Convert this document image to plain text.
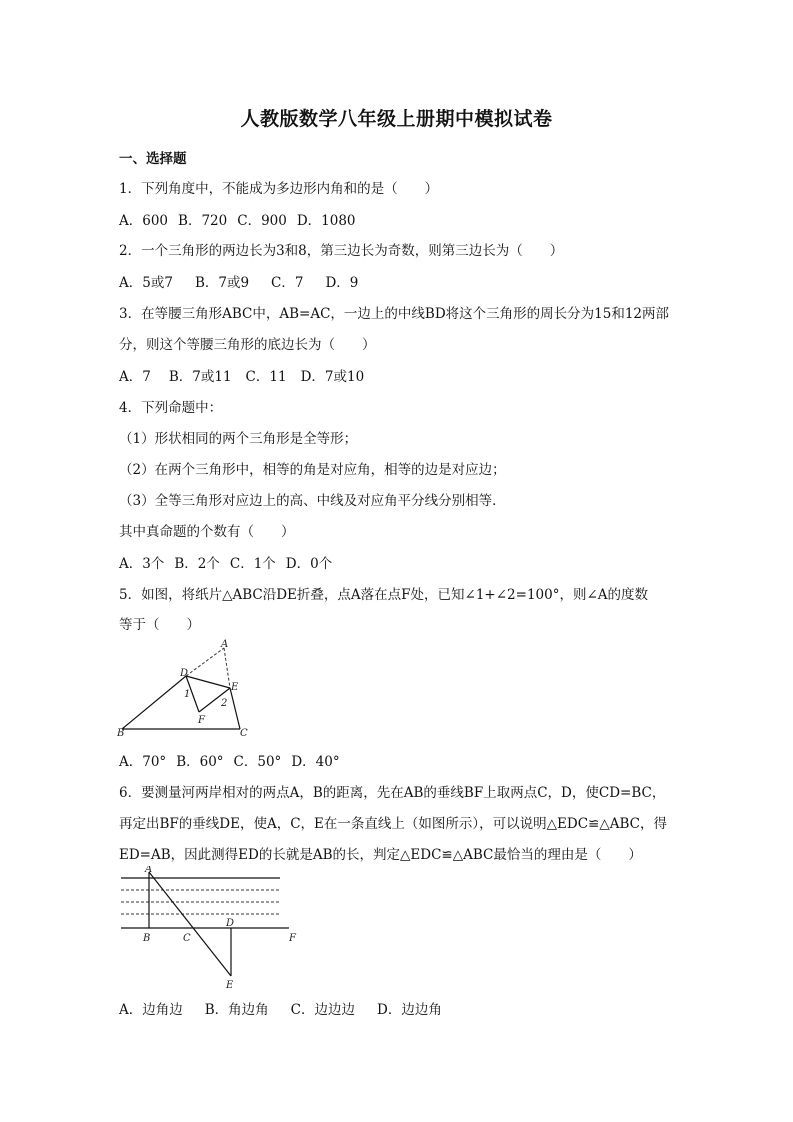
人教版数学八年级上册期中模拟试卷
一、选择题
1．下列角度中，不能成为多边形内角和的是（　　）
A．600 B．720 C．900 D．1080
2．一个三角形的两边长为3和8，第三边长为奇数，则第三边长为（　　）
A．5或7 B．7或9 C．7 D．9
3．在等腰三角形ABC中，AB=AC，一边上的中线BD将这个三角形的周长分为15和12两部
分，则这个等腰三角形的底边长为（　　）
A．7 B．7或11 C．11 D．7或10
4．下列命题中：
（1）形状相同的两个三角形是全等形；
（2）在两个三角形中，相等的角是对应角，相等的边是对应边；
（3）全等三角形对应边上的高、中线及对应角平分线分别相等．
其中真命题的个数有（　　）
A．3个 B．2个 C．1个 D．0个
5．如图，将纸片△ABC沿DE折叠，点A落在点F处，已知∠1+∠2=100°，则∠A的度数
等于（　　）
A
D
E
1
2
F
B	C
A．70° B．60° C．50° D．40°
6．要测量河两岸相对的两点A，B的距离，先在AB的垂线BF上取两点C，D，使CD=BC，
再定出BF的垂线DE，使A，C，E在一条直线上（如图所示），可以说明△EDC≌△ABC，得
ED=AB，因此测得ED的长就是AB的长，判定△EDC≌△ABC最恰当的理由是（　　）
A
B	C
D
F
E
A．边角边 B．角边角 C．边边边 D．边边角
